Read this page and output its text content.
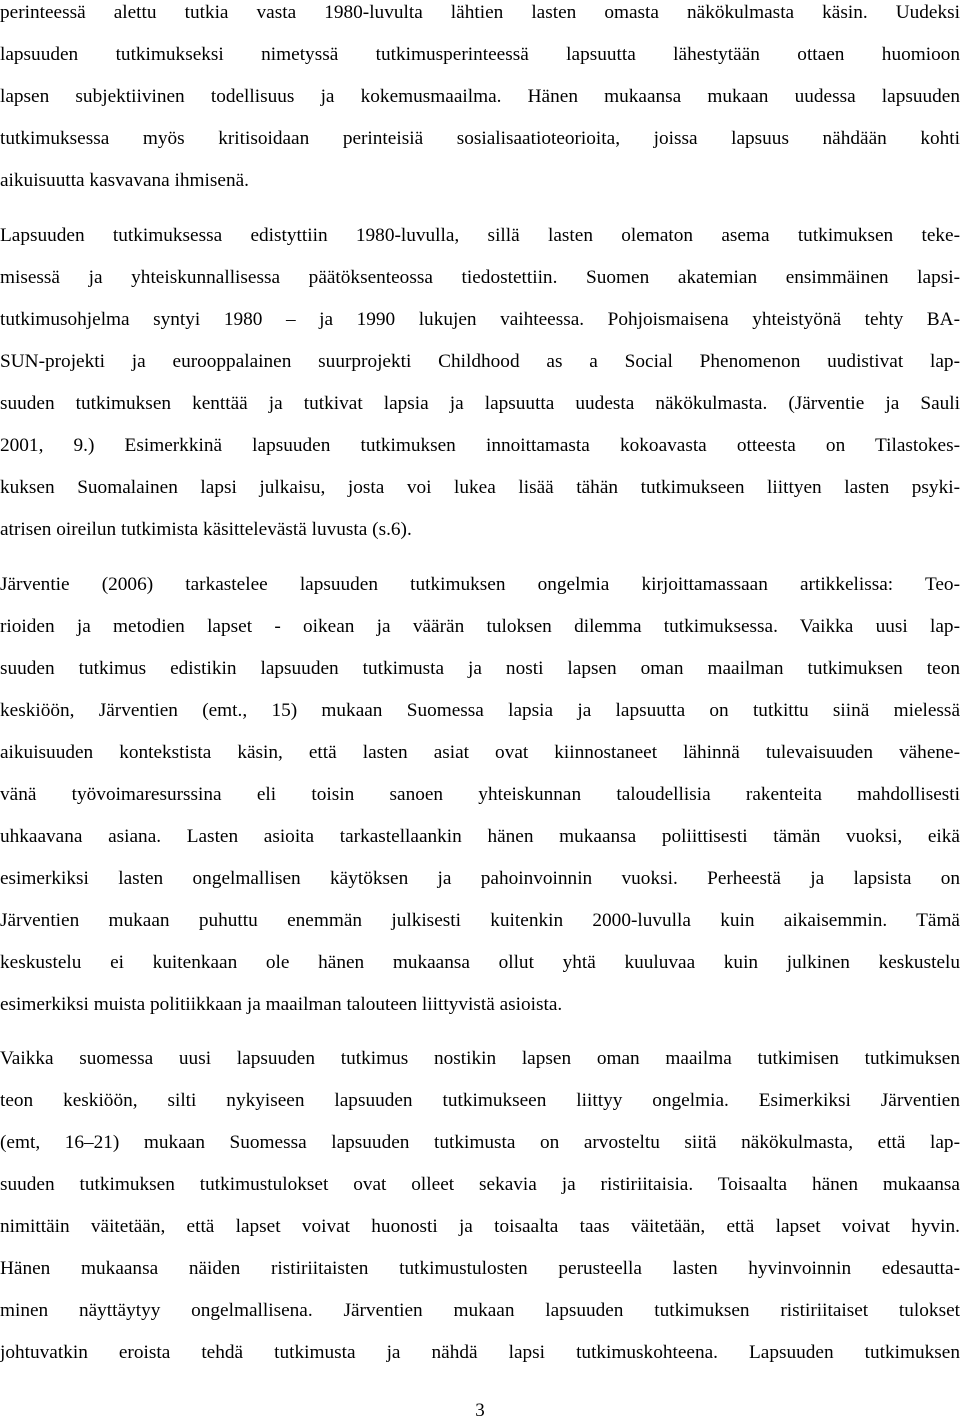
perinteessä alettu tutkia vasta 1980-luvulta lähtien lasten omasta näkökulmasta käsin. Uudeksi
lapsuuden tutkimukseksi nimetyssä tutkimusperinteessä lapsuutta lähestytään ottaen huomioon
lapsen subjektiivinen todellisuus ja kokemusmaailma. Hänen mukaansa mukaan uudessa lapsuuden
tutkimuksessa myös kritisoidaan perinteisiä sosialisaatioteorioita, joissa lapsuus nähdään kohti
aikuisuutta kasvavana ihmisenä.
Lapsuuden tutkimuksessa edistyttiin 1980-luvulla, sillä lasten olematon asema tutkimuksen teke-
misessä ja yhteiskunnallisessa päätöksenteossa tiedostettiin. Suomen akatemian ensimmäinen lapsi-
tutkimusohjelma syntyi 1980 – ja 1990 lukujen vaihteessa. Pohjoismaisena yhteistyönä tehty BA-
SUN-projekti ja eurooppalainen suurprojekti Childhood as a Social Phenomenon uudistivat lap-
suuden tutkimuksen kenttää ja tutkivat lapsia ja lapsuutta uudesta näkökulmasta. (Järventie ja Sauli
2001, 9.) Esimerkkinä lapsuuden tutkimuksen innoittamasta kokoavasta otteesta on Tilastokes-
kuksen Suomalainen lapsi julkaisu, josta voi lukea lisää tähän tutkimukseen liittyen lasten psyki-
atrisen oireilun tutkimista käsittelevästä luvusta (s.6).
Järventie (2006) tarkastelee lapsuuden tutkimuksen ongelmia kirjoittamassaan artikkelissa: Teo-
rioiden ja metodien lapset - oikean ja väärän tuloksen dilemma tutkimuksessa. Vaikka uusi lap-
suuden tutkimus edistikin lapsuuden tutkimusta ja nosti lapsen oman maailman tutkimuksen teon
keskiöön, Järventien (emt., 15) mukaan Suomessa lapsia ja lapsuutta on tutkittu siinä mielessä
aikuisuuden kontekstista käsin, että lasten asiat ovat kiinnostaneet lähinnä tulevaisuuden vähene-
vänä työvoimaresurssina eli toisin sanoen yhteiskunnan taloudellisia rakenteita mahdollisesti
uhkaavana asiana. Lasten asioita tarkastellaankin hänen mukaansa poliittisesti tämän vuoksi, eikä
esimerkiksi lasten ongelmallisen käytöksen ja pahoinvoinnin vuoksi. Perheestä ja lapsista on
Järventien mukaan puhuttu enemmän julkisesti kuitenkin 2000-luvulla kuin aikaisemmin. Tämä
keskustelu ei kuitenkaan ole hänen mukaansa ollut yhtä kuuluvaa kuin julkinen keskustelu
esimerkiksi muista politiikkaan ja maailman talouteen liittyvistä asioista.
Vaikka suomessa uusi lapsuuden tutkimus nostikin lapsen oman maailma tutkimisen tutkimuksen
teon keskiöön, silti nykyiseen lapsuuden tutkimukseen liittyy ongelmia. Esimerkiksi Järventien
(emt, 16–21) mukaan Suomessa lapsuuden tutkimusta on arvosteltu siitä näkökulmasta, että lap-
suuden tutkimuksen tutkimustulokset ovat olleet sekavia ja ristiriitaisia. Toisaalta hänen mukaansa
nimittäin väitetään, että lapset voivat huonosti ja toisaalta taas väitetään, että lapset voivat hyvin.
Hänen mukaansa näiden ristiriitaisten tutkimustulosten perusteella lasten hyvinvoinnin edesautta-
minen näyttäytyy ongelmallisena. Järventien mukaan lapsuuden tutkimuksen ristiriitaiset tulokset
johtuvatkin eroista tehdä tutkimusta ja nähdä lapsi tutkimuskohteena. Lapsuuden tutkimuksen
3
